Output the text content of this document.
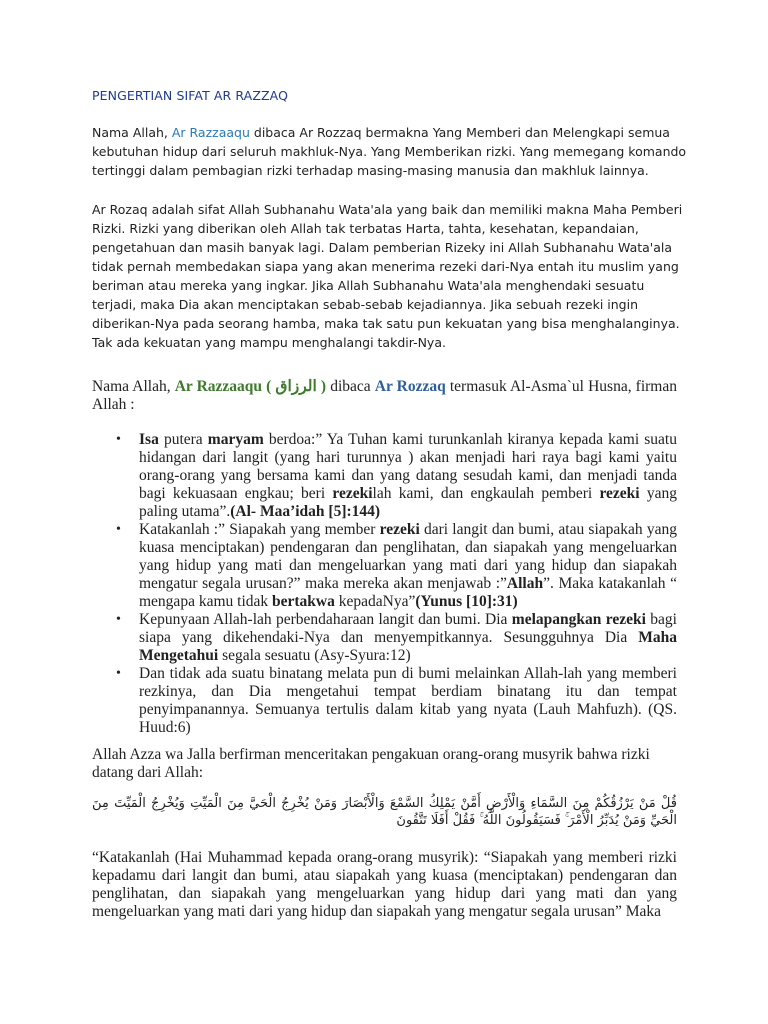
PENGERTIAN SIFAT AR RAZZAQ
Nama Allah, Ar Razzaaqu dibaca Ar Rozzaq bermakna Yang Memberi dan Melengkapi semua kebutuhan hidup dari seluruh makhluk-Nya. Yang Memberikan rizki. Yang memegang komando tertinggi dalam pembagian rizki terhadap masing-masing manusia dan makhluk lainnya.
Ar Rozaq adalah sifat Allah Subhanahu Wata'ala yang baik dan memiliki makna Maha Pemberi Rizki. Rizki yang diberikan oleh Allah tak terbatas Harta, tahta, kesehatan, kepandaian, pengetahuan dan masih banyak lagi. Dalam pemberian Rizeky ini Allah Subhanahu Wata'ala tidak pernah membedakan siapa yang akan menerima rezeki dari-Nya entah itu muslim yang beriman atau mereka yang ingkar. Jika Allah Subhanahu Wata'ala menghendaki sesuatu terjadi, maka Dia akan menciptakan sebab-sebab kejadiannya. Jika sebuah rezeki ingin diberikan-Nya pada seorang hamba, maka tak satu pun kekuatan yang bisa menghalanginya. Tak ada kekuatan yang mampu menghalangi takdir-Nya.
Nama Allah, Ar Razzaaqu ( الرزاق ) dibaca Ar Rozzaq termasuk Al-Asma`ul Husna, firman Allah :
• Isa putera maryam berdoa:” Ya Tuhan kami turunkanlah kiranya kepada kami suatu hidangan dari langit (yang hari turunnya ) akan menjadi hari raya bagi kami yaitu orang-orang yang bersama kami dan yang datang sesudah kami, dan menjadi tanda bagi kekuasaan engkau; beri rezekilah kami, dan engkaulah pemberi rezeki yang paling utama”.(Al- Maa’idah [5]:144)
• Katakanlah :” Siapakah yang member rezeki dari langit dan bumi, atau siapakah yang kuasa menciptakan) pendengaran dan penglihatan, dan siapakah yang mengeluarkan yang hidup yang mati dan mengeluarkan yang mati dari yang hidup dan siapakah mengatur segala urusan?” maka mereka akan menjawab :”Allah”. Maka katakanlah “ mengapa kamu tidak bertakwa kepadaNya”(Yunus [10]:31)
• Kepunyaan Allah-lah perbendaharaan langit dan bumi. Dia melapangkan rezeki bagi siapa yang dikehendaki-Nya dan menyempitkannya. Sesungguhnya Dia Maha Mengetahui segala sesuatu (Asy-Syura:12)
• Dan tidak ada suatu binatang melata pun di bumi melainkan Allah-lah yang memberi rezkinya, dan Dia mengetahui tempat berdiam binatang itu dan tempat penyimpanannya. Semuanya tertulis dalam kitab yang nyata (Lauh Mahfuzh). (QS. Huud:6)
Allah Azza wa Jalla berfirman menceritakan pengakuan orang-orang musyrik bahwa rizki datang dari Allah:
قُلْ مَنْ يَرْزُقُكُمْ مِنَ السَّمَاءِ وَالْأَرْضِ أَمَّنْ يَمْلِكُ السَّمْعَ وَالْأَبْصَارَ وَمَنْ يُخْرِجُ الْحَيَّ مِنَ الْمَيِّتِ وَيُخْرِجُ الْمَيِّتَ مِنَ الْحَيِّ وَمَنْ يُدَبِّرُ الْأَمْرَ ۚ فَسَيَقُولُونَ اللَّهُ ۚ فَقُلْ أَفَلَا تَتَّقُونَ
“Katakanlah (Hai Muhammad kepada orang-orang musyrik): “Siapakah yang memberi rizki kepadamu dari langit dan bumi, atau siapakah yang kuasa (menciptakan) pendengaran dan penglihatan, dan siapakah yang mengeluarkan yang hidup dari yang mati dan yang mengeluarkan yang mati dari yang hidup dan siapakah yang mengatur segala urusan” Maka
